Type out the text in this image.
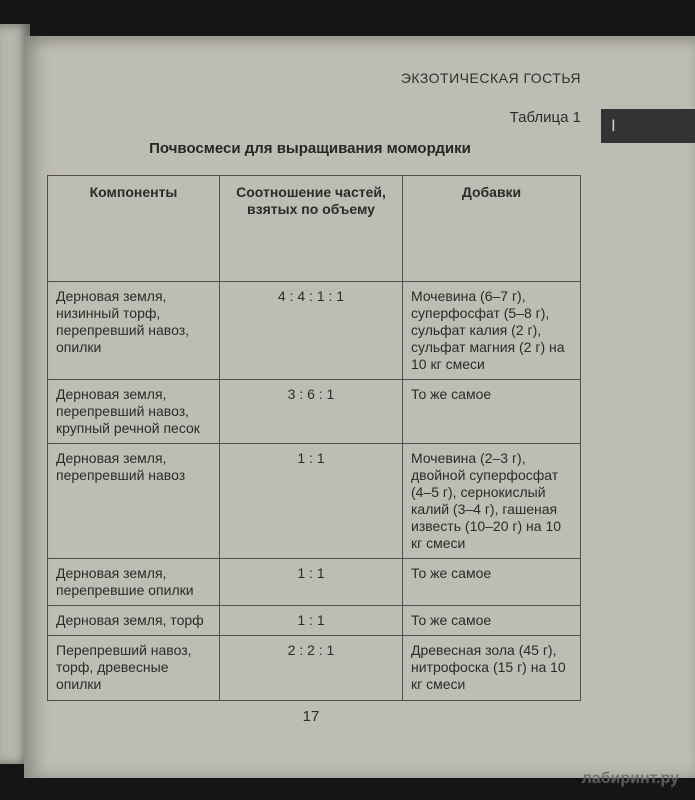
ЭКЗОТИЧЕСКАЯ ГОСТЬЯ
I
Таблица 1
Почвосмеси для выращивания момордики
Компоненты	Соотношение частей, взятых по объему	Добавки
Дерновая земля, низинный торф, перепревший навоз, опилки	4 : 4 : 1 : 1	Мочевина (6–7 г), суперфосфат (5–8 г), сульфат калия (2 г), сульфат магния (2 г) на 10 кг смеси
Дерновая земля, перепревший навоз, крупный речной песок	3 : 6 : 1	То же самое
Дерновая земля, перепревший навоз	1 : 1	Мочевина (2–3 г), двойной суперфосфат (4–5 г), сернокислый калий (3–4 г), гашеная известь (10–20 г) на 10 кг смеси
Дерновая земля, перепревшие опилки	1 : 1	То же самое
Дерновая земля, торф	1 : 1	То же самое
Перепревший навоз, торф, древесные опилки	2 : 2 : 1	Древесная зола (45 г), нитрофоска (15 г) на 10 кг смеси
17
лабиринт.ру
